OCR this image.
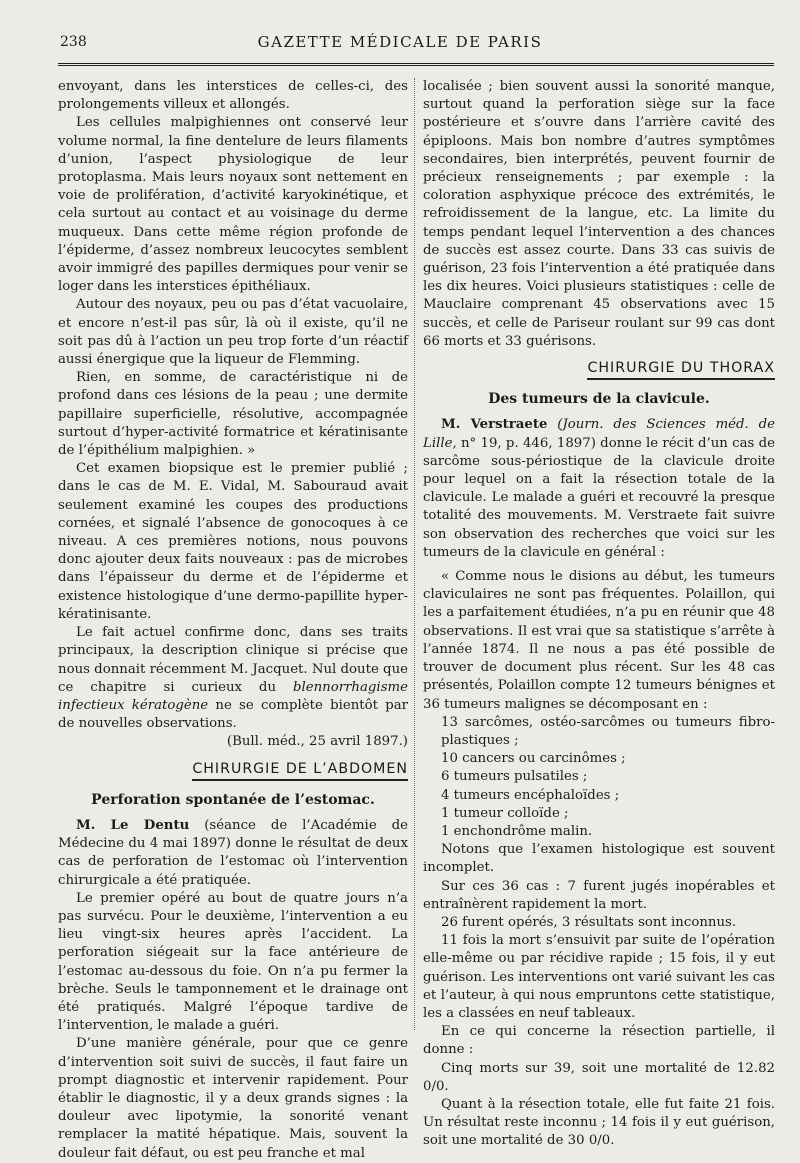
238	GAZETTE MÉDICALE DE PARIS

envoyant, dans les interstices de celles-ci, des prolongements villeux et allongés.

Les cellules malpighiennes ont conservé leur volume normal, la fine dentelure de leurs filaments d’union, l’aspect physiologique de leur protoplasma. Mais leurs noyaux sont nettement en voie de prolifération, d’activité karyokinétique, et cela surtout au contact et au voisinage du derme muqueux. Dans cette même région profonde de l’épiderme, d’assez nombreux leucocytes semblent avoir immigré des papilles dermiques pour venir se loger dans les interstices épithéliaux.

Autour des noyaux, peu ou pas d’état vacuolaire, et encore n’est-il pas sûr, là où il existe, qu’il ne soit pas dû à l’action un peu trop forte d’un réactif aussi énergique que la liqueur de Flemming.

Rien, en somme, de caractéristique ni de profond dans ces lésions de la peau ; une dermite papillaire superficielle, résolutive, accompagnée surtout d’hyper-activité formatrice et kératinisante de l’épithélium malpighien. »

Cet examen biopsique est le premier publié ; dans le cas de M. E. Vidal, M. Sabouraud avait seulement examiné les coupes des productions cornées, et signalé l’absence de gonocoques à ce niveau. A ces premières notions, nous pouvons donc ajouter deux faits nouveaux : pas de microbes dans l’épaisseur du derme et de l’épiderme et existence histologique d’une dermo-papillite hyper-kératinisante.

Le fait actuel confirme donc, dans ses traits principaux, la description clinique si précise que nous donnait récemment M. Jacquet. Nul doute que ce chapitre si curieux du blennorrhagisme infectieux kératogène ne se complète bientôt par de nouvelles observations.

(Bull. méd., 25 avril 1897.)

CHIRURGIE DE L’ABDOMEN
Perforation spontanée de l’estomac.

M. Le Dentu (séance de l’Académie de Médecine du 4 mai 1897) donne le résultat de deux cas de perforation de l’estomac où l’intervention chirurgicale a été pratiquée.

Le premier opéré au bout de quatre jours n’a pas survécu. Pour le deuxième, l’intervention a eu lieu vingt-six heures après l’accident. La perforation siégeait sur la face antérieure de l’estomac au-dessous du foie. On n’a pu fermer la brèche. Seuls le tamponnement et le drainage ont été pratiqués. Malgré l’époque tardive de l’intervention, le malade a guéri.

D’une manière générale, pour que ce genre d’intervention soit suivi de succès, il faut faire un prompt diagnostic et intervenir rapidement. Pour établir le diagnostic, il y a deux grands signes : la douleur avec lipotymie, la sonorité venant remplacer la matité hépatique. Mais, souvent la douleur fait défaut, ou est peu franche et mal

localisée ; bien souvent aussi la sonorité manque, surtout quand la perforation siège sur la face postérieure et s’ouvre dans l’arrière cavité des épiploons. Mais bon nombre d’autres symptômes secondaires, bien interprétés, peuvent fournir de précieux renseignements ; par exemple : la coloration asphyxique précoce des extrémités, le refroidissement de la langue, etc. La limite du temps pendant lequel l’intervention a des chances de succès est assez courte. Dans 33 cas suivis de guérison, 23 fois l’intervention a été pratiquée dans les dix heures. Voici plusieurs statistiques : celle de Mauclaire comprenant 45 observations avec 15 succès, et celle de Pariseur roulant sur 99 cas dont 66 morts et 33 guérisons.

CHIRURGIE DU THORAX
Des tumeurs de la clavicule.

M. Verstraete (Journ. des Sciences méd. de Lille, n° 19, p. 446, 1897) donne le récit d’un cas de sarcôme sous-périostique de la clavicule droite pour lequel on a fait la résection totale de la clavicule. Le malade a guéri et recouvré la presque totalité des mouvements. M. Verstraete fait suivre son observation des recherches que voici sur les tumeurs de la clavicule en général :

« Comme nous le disions au début, les tumeurs claviculaires ne sont pas fréquentes. Polaillon, qui les a parfaitement étudiées, n’a pu en réunir que 48 observations. Il est vrai que sa statistique s’arrête à l’année 1874. Il ne nous a pas été possible de trouver de document plus récent. Sur les 48 cas présentés, Polaillon compte 12 tumeurs bénignes et 36 tumeurs malignes se décomposant en :

13 sarcômes, ostéo-sarcômes ou tumeurs fibro-plastiques ;

10 cancers ou carcinômes ;

6 tumeurs pulsatiles ;

4 tumeurs encéphaloïdes ;

1 tumeur colloïde ;

1 enchondrôme malin.

Notons que l’examen histologique est souvent incomplet.

Sur ces 36 cas : 7 furent jugés inopérables et entraînèrent rapidement la mort.

26 furent opérés, 3 résultats sont inconnus.

11 fois la mort s’ensuivit par suite de l’opération elle-même ou par récidive rapide ; 15 fois, il y eut guérison. Les interventions ont varié suivant les cas et l’auteur, à qui nous empruntons cette statistique, les a classées en neuf tableaux.

En ce qui concerne la résection partielle, il donne :

Cinq morts sur 39, soit une mortalité de 12.82 0/0.

Quant à la résection totale, elle fut faite 21 fois. Un résultat reste inconnu ; 14 fois il y eut guérison, soit une mortalité de 30 0/0.
